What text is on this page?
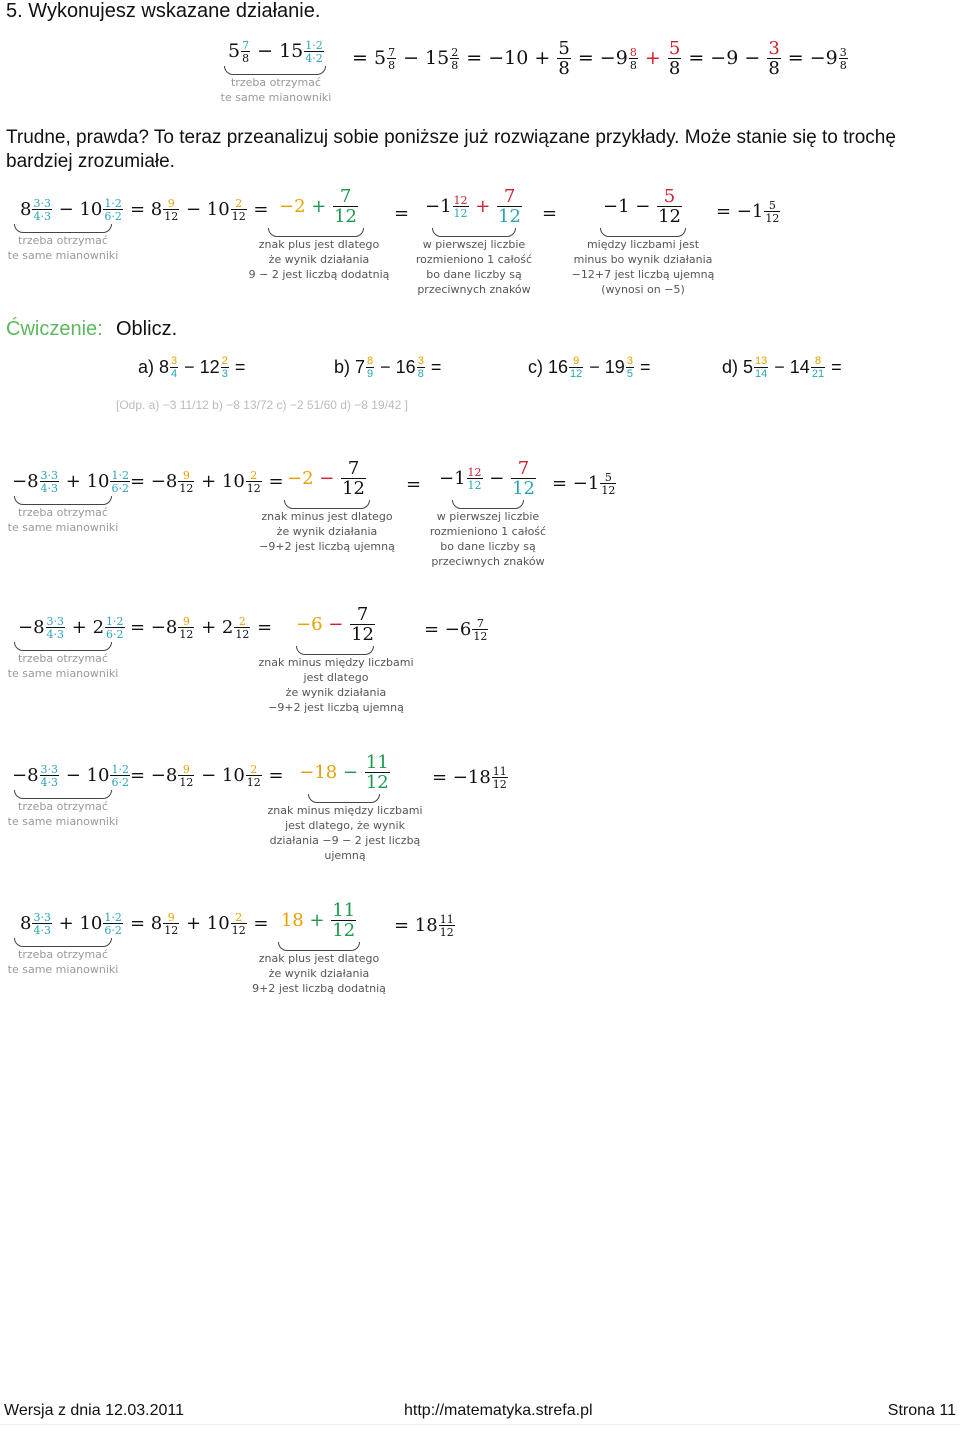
5. Wykonujesz wskazane działanie.
$5 \frac{7}{8} - 15 \frac{1\cdot 2}{4\cdot 2}$
trzeba otrzymać
te same mianowniki
= $5 \frac{7}{8} - 15 \frac{2}{8} = -10 + \frac{5}{8} = -9 \frac{8}{8} + \frac{5}{8} = -9 - \frac{3}{8} = -9 \frac{3}{8}$
Trudne, prawda? To teraz przeanalizuj sobie poniższe już rozwiązane przykłady. Może stanie się to trochę bardziej zrozumiałe.
$8 \frac{3\cdot 3}{4\cdot 3} - 10 \frac{1\cdot 2}{6\cdot 2}$
trzeba otrzymać
te same mianowniki
= $8 \frac{9}{12} - 10 \frac{2}{12} = -2 + \frac{7}{12}$
znak plus jest dlatego
że wynik działania
9 − 2 jest liczbą dodatnią
= $-1 \frac{12}{12} + \frac{7}{12}$
w pierwszej liczbie
rozmieniono 1 całość
bo dane liczby są
przeciwnych znaków
=	$-1 - \frac{5}{12}$
między liczbami jest
minus bo wynik działania
−12+7 jest liczbą ujemną
(wynosi on −5)
= $-1 \frac{5}{12}$
Ćwiczenie: Oblicz.
a) $8 \frac{3}{4} - 12 \frac{2}{3}$ =	b) $7 \frac{8}{9} - 16 \frac{3}{8}$ =	c) $16 \frac{9}{12} - 19 \frac{3}{5}$ =	d) $5 \frac{13}{14} - 14 \frac{8}{21}$ =
[Odp. a) −3 11/12 b) −8 13/72 c) −2 51/60 d) −8 19/42 ]
$-8 \frac{3\cdot 3}{4\cdot 3} + 10 \frac{1\cdot 2}{6\cdot 2}$
trzeba otrzymać
te same mianowniki
= $-8 \frac{9}{12} + 10 \frac{2}{12} = -2 - \frac{7}{12}$
znak minus jest dlatego
że wynik działania
−9+2 jest liczbą ujemną
= $-1 \frac{12}{12} - \frac{7}{12}$
w pierwszej liczbie
rozmieniono 1 całość
bo dane liczby są
przeciwnych znaków
= $-1 \frac{5}{12}$
$-8 \frac{3\cdot 3}{4\cdot 3} + 2 \frac{1\cdot 2}{6\cdot 2}$
trzeba otrzymać
te same mianowniki
= $-8 \frac{9}{12} + 2 \frac{2}{12}$ =	$-6 - \frac{7}{12}$
znak minus między liczbami
jest dlatego
że wynik działania
−9+2 jest liczbą ujemną
= $-6 \frac{7}{12}$
$-8 \frac{3\cdot 3}{4\cdot 3} - 10 \frac{1\cdot 2}{6\cdot 2}$
trzeba otrzymać
te same mianowniki
= $-8 \frac{9}{12} - 10 \frac{2}{12} = -18 - \frac{11}{12}$
znak minus między liczbami
jest dlatego, że wynik
działania −9 − 2 jest liczbą
ujemną
= $-18 \frac{11}{12}$
$8 \frac{3\cdot 3}{4\cdot 3} + 10 \frac{1\cdot 2}{6\cdot 2}$
trzeba otrzymać
te same mianowniki
= $8 \frac{9}{12} + 10 \frac{2}{12} = 18 + \frac{11}{12}$
znak plus jest dlatego
że wynik działania
9+2 jest liczbą dodatnią
= $18 \frac{11}{12}$
Wersja z dnia 12.03.2011	http://matematyka.strefa.pl	Strona 11
